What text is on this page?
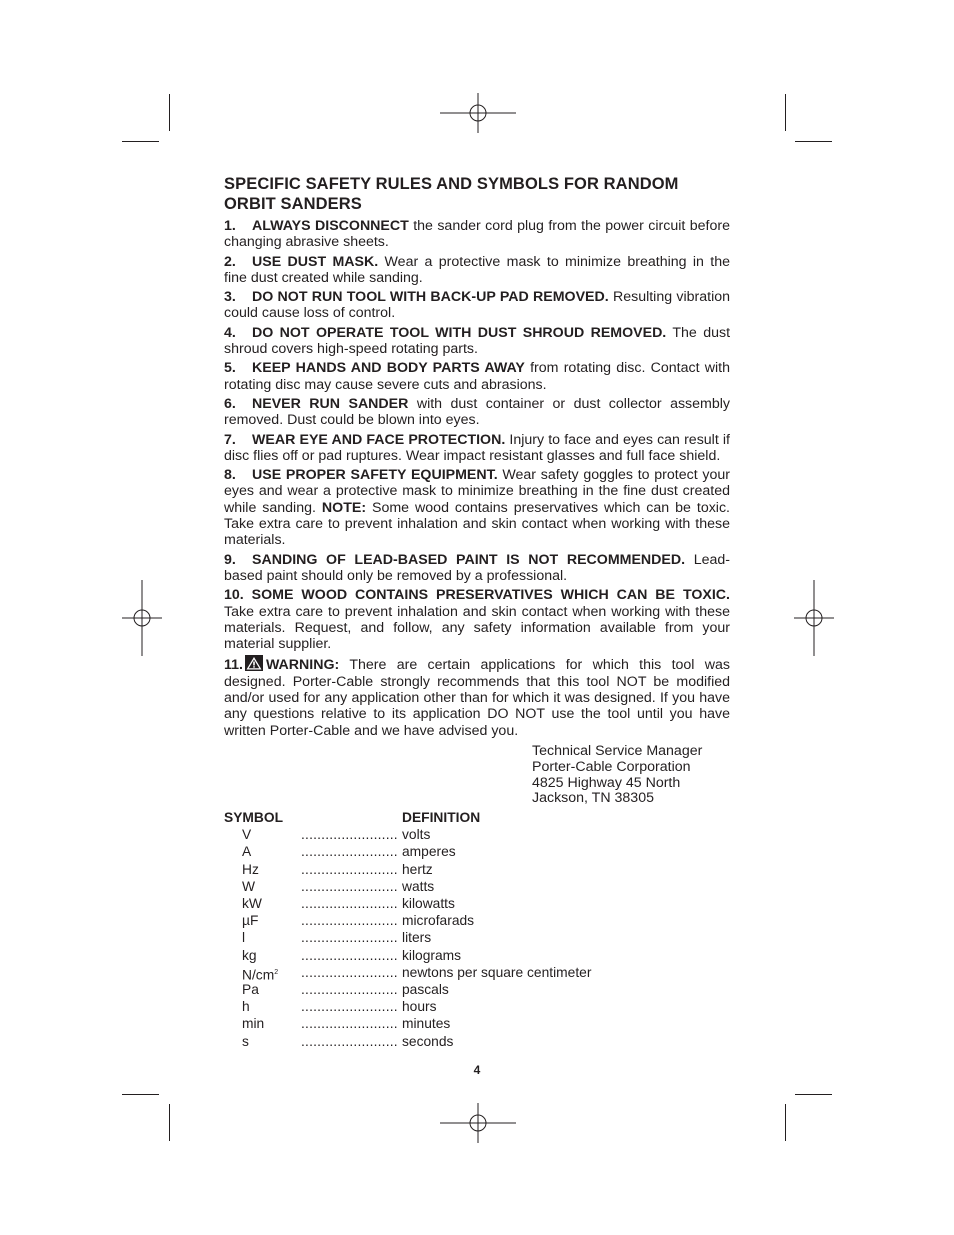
SPECIFIC SAFETY RULES AND SYMBOLS FOR RANDOM ORBIT SANDERS

1. ALWAYS DISCONNECT the sander cord plug from the power circuit before changing abrasive sheets.

2. USE DUST MASK. Wear a protective mask to minimize breathing in the fine dust created while sanding.

3. DO NOT RUN TOOL WITH BACK-UP PAD REMOVED. Resulting vibration could cause loss of control.

4. DO NOT OPERATE TOOL WITH DUST SHROUD REMOVED. The dust shroud covers high-speed rotating parts.

5. KEEP HANDS AND BODY PARTS AWAY from rotating disc. Contact with rotating disc may cause severe cuts and abrasions.

6. NEVER RUN SANDER with dust container or dust collector assembly removed. Dust could be blown into eyes.

7. WEAR EYE AND FACE PROTECTION. Injury to face and eyes can result if disc flies off or pad ruptures. Wear impact resistant glasses and full face shield.

8. USE PROPER SAFETY EQUIPMENT. Wear safety goggles to protect your eyes and wear a protective mask to minimize breathing in the fine dust created while sanding. NOTE: Some wood contains preservatives which can be toxic. Take extra care to prevent inhalation and skin contact when working with these materials.

9. SANDING OF LEAD-BASED PAINT IS NOT RECOMMENDED. Lead-based paint should only be removed by a professional.

10. SOME WOOD CONTAINS PRESERVATIVES WHICH CAN BE TOXIC. Take extra care to prevent inhalation and skin contact when working with these materials. Request, and follow, any safety information available from your material supplier.

11. WARNING: There are certain applications for which this tool was designed. Porter-Cable strongly recommends that this tool NOT be modified and/or used for any application other than for which it was designed. If you have any questions relative to its application DO NOT use the tool until you have written Porter-Cable and we have advised you.

Technical Service Manager
Porter-Cable Corporation
4825 Highway 45 North
Jackson, TN 38305
SYMBOL	DEFINITION
V	........................ volts
A	........................ amperes
Hz	........................ hertz
W	........................ watts
kW	........................ kilowatts
µF	........................ microfarads
l	........................ liters
kg	........................ kilograms
$N/cm^2$	........................ newtons per square centimeter
Pa	........................ pascals
h	........................ hours
min	........................ minutes
s	........................ seconds
4
